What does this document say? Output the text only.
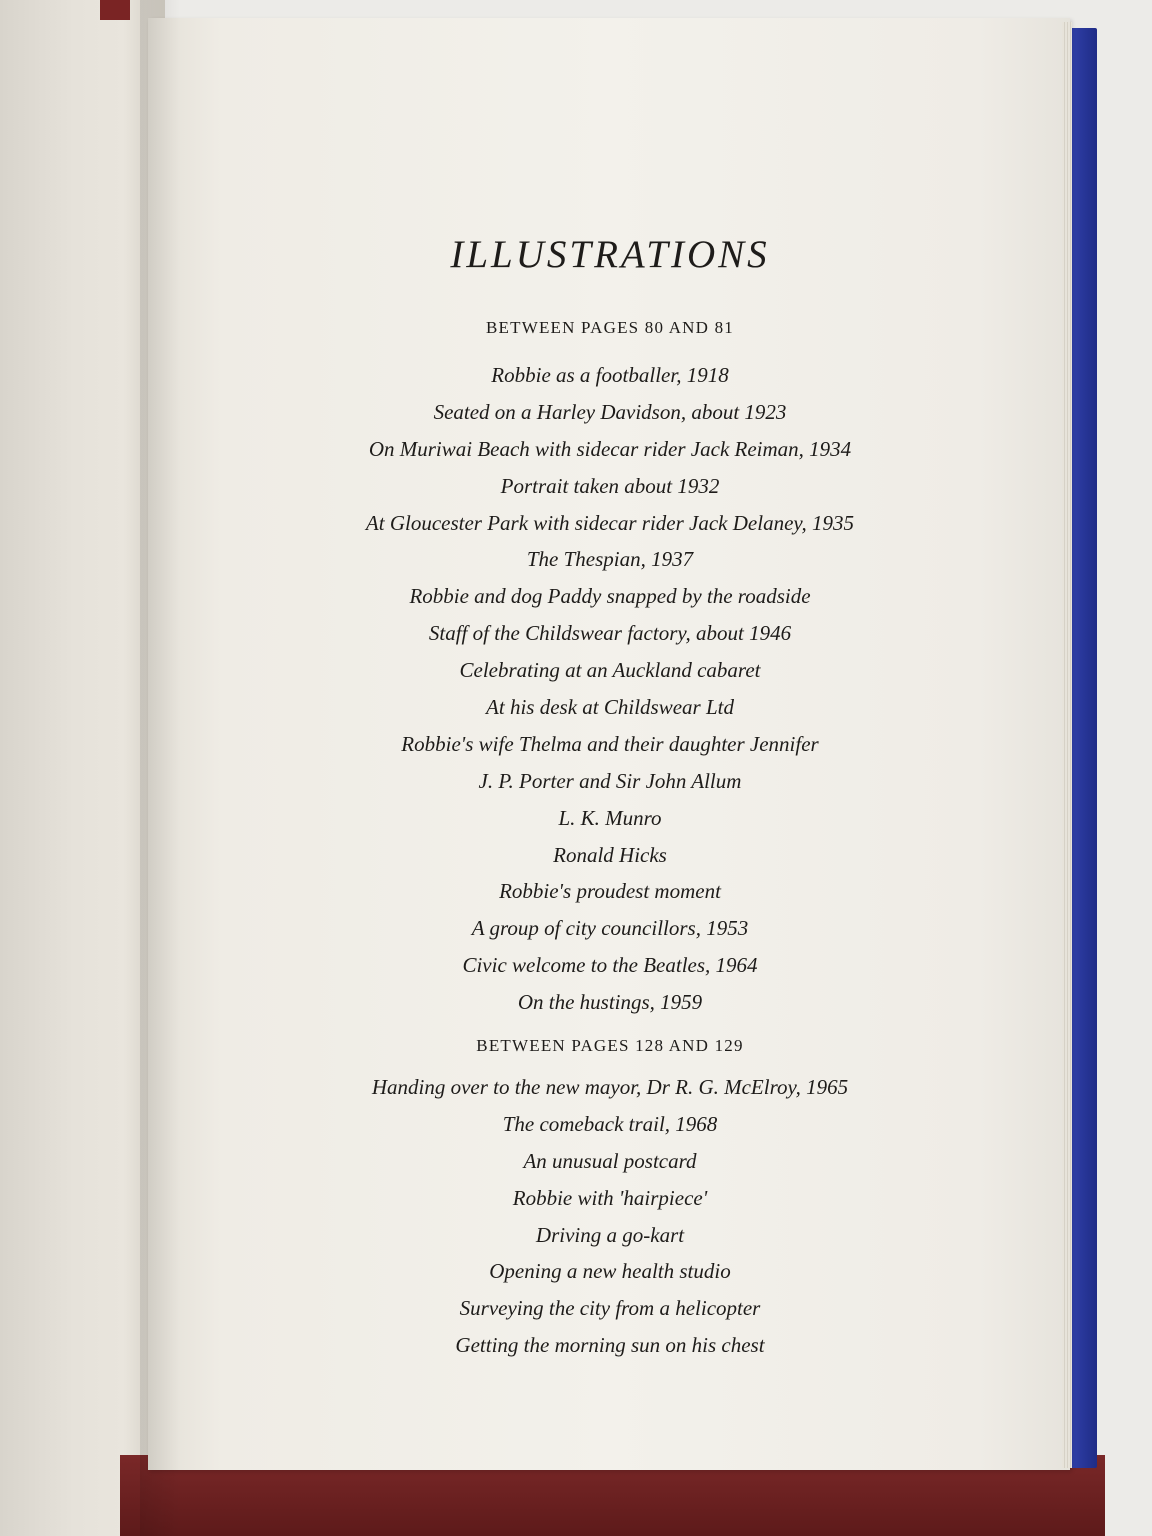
ILLUSTRATIONS
BETWEEN PAGES 80 AND 81
Robbie as a footballer, 1918
Seated on a Harley Davidson, about 1923
On Muriwai Beach with sidecar rider Jack Reiman, 1934
Portrait taken about 1932
At Gloucester Park with sidecar rider Jack Delaney, 1935
The Thespian, 1937
Robbie and dog Paddy snapped by the roadside
Staff of the Childswear factory, about 1946
Celebrating at an Auckland cabaret
At his desk at Childswear Ltd
Robbie's wife Thelma and their daughter Jennifer
J. P. Porter and Sir John Allum
L. K. Munro
Ronald Hicks
Robbie's proudest moment
A group of city councillors, 1953
Civic welcome to the Beatles, 1964
On the hustings, 1959
BETWEEN PAGES 128 AND 129
Handing over to the new mayor, Dr R. G. McElroy, 1965
The comeback trail, 1968
An unusual postcard
Robbie with 'hairpiece'
Driving a go-kart
Opening a new health studio
Surveying the city from a helicopter
Getting the morning sun on his chest
